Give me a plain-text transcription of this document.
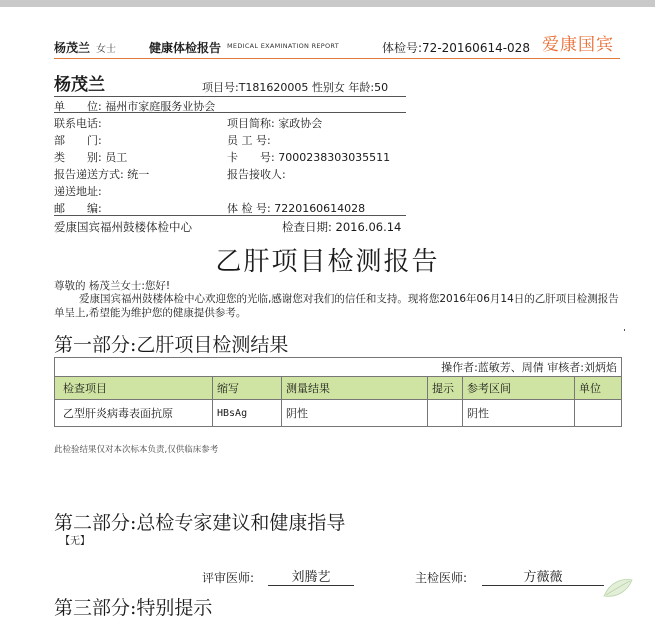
杨茂兰 女士	健康体检报告 MEDICAL EXAMINATION REPORT	体检号:72-20160614-028 爱康国宾
杨茂兰	项目号:T181620005 性别女 年龄:50
单　　位: 福州市家庭服务业协会
联系电话:	项目简称: 家政协会
部　　门:	员 工 号:
类　　别: 员工	卡　　号: 7000238303035511
报告递送方式: 统一	报告接收人:
递送地址:
邮　　编:	体 检 号: 7220160614028
爱康国宾福州鼓楼体检中心	检查日期: 2016.06.14
乙肝项目检测报告
尊敬的 杨茂兰女士:您好!
爱康国宾福州鼓楼体检中心欢迎您的光临,感谢您对我们的信任和支持。现将您2016年06月14日的乙肝项目检测报告单呈上,希望能为维护您的健康提供参考。
第一部分:乙肝项目检测结果
操作者:蓝敏芳、周倩 审核者:刘炳焰					
检查项目	缩写	测量结果	提示	参考区间	单位
乙型肝炎病毒表面抗原	HBsAg	阴性		阴性	
此检验结果仅对本次标本负责,仅供临床参考
第二部分:总检专家建议和健康指导
【无】
评审医师:	刘腾艺	主检医师:	方薇薇
第三部分:特别提示
